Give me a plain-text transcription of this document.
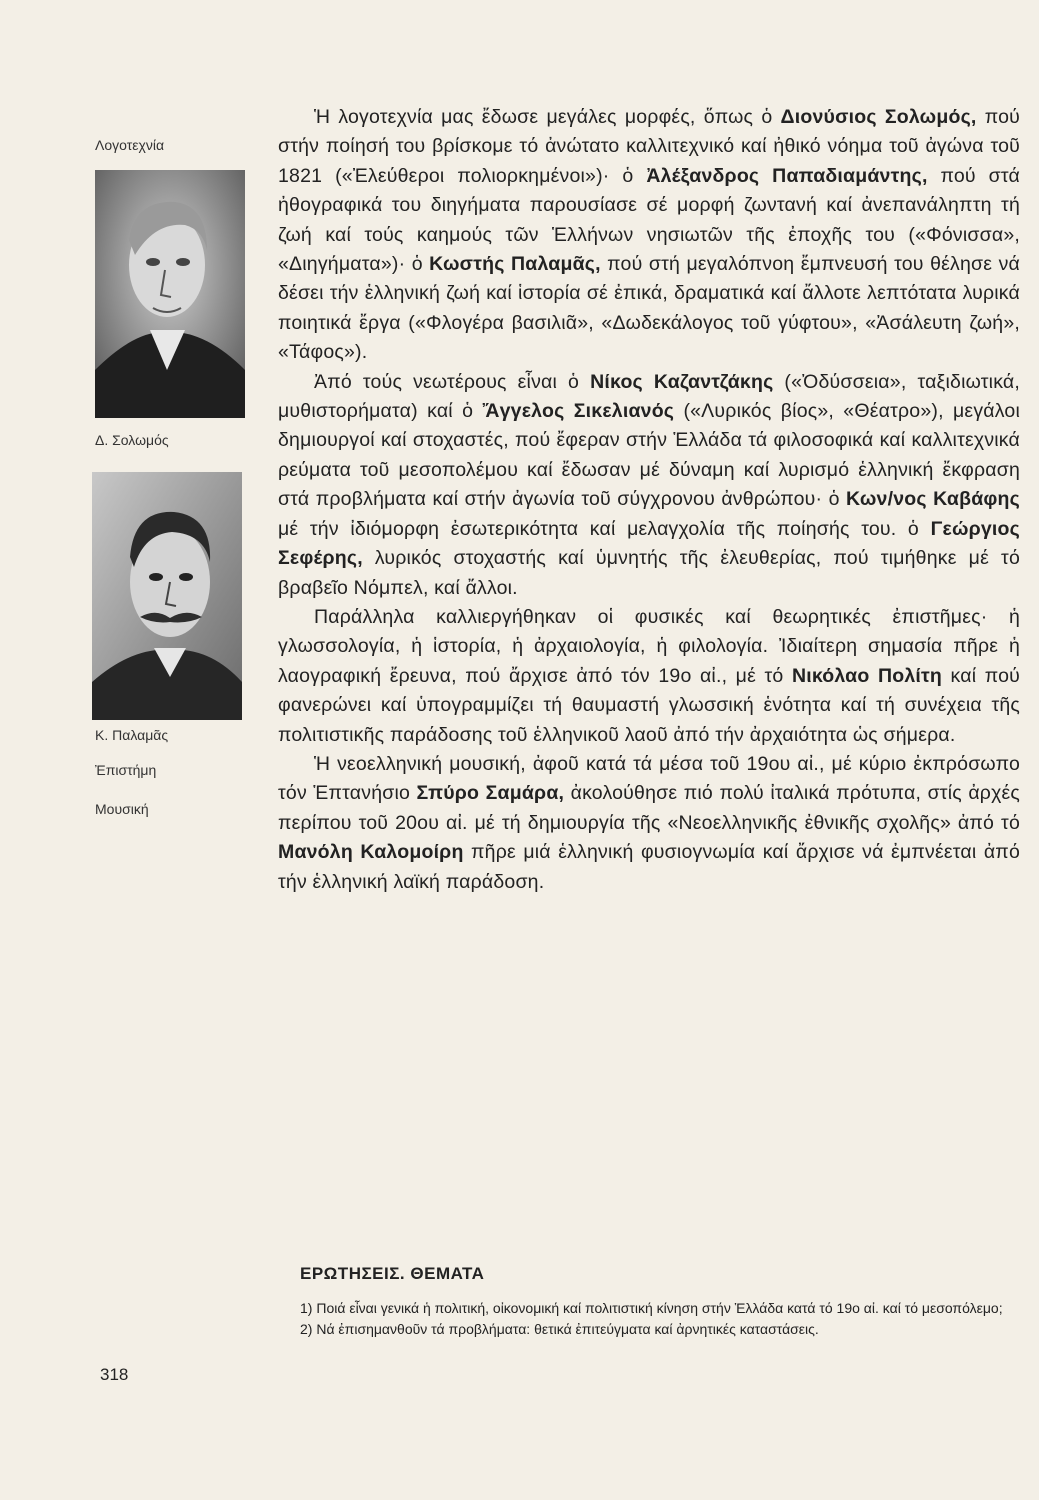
Λογοτεχνία
Δ. Σολωμός
Κ. Παλαμᾶς
Ἐπιστήμη
Μουσική

Ἡ λογοτεχνία μας ἔδωσε μεγάλες μορφές, ὅπως ὁ Διονύσιος Σολωμός, πού στήν ποίησή του βρίσκομε τό ἀνώτατο καλλιτεχνικό καί ἠθικό νόημα τοῦ ἀγώνα τοῦ 1821 («Ἐλεύθεροι πολιορκημένοι»)· ὁ Ἀλέξανδρος Παπαδιαμάντης, πού στά ἠθογραφικά του διηγήματα παρουσίασε σέ μορφή ζωντανή καί ἀνεπανάληπτη τή ζωή καί τούς καημούς τῶν Ἑλλήνων νησιωτῶν τῆς ἐποχῆς του («Φόνισσα», «Διηγήματα»)· ὁ Κωστής Παλαμᾶς, πού στή μεγαλόπνοη ἔμπνευσή του θέλησε νά δέσει τήν ἑλληνική ζωή καί ἱστορία σέ ἐπικά, δραματικά καί ἄλλοτε λεπτότατα λυρικά ποιητικά ἔργα («Φλογέρα βασιλιᾶ», «Δωδεκάλογος τοῦ γύφτου», «Ἀσάλευτη ζωή», «Τάφος»).

Ἀπό τούς νεωτέρους εἶναι ὁ Νίκος Καζαντζάκης («Ὀδύσσεια», ταξιδιωτικά, μυθιστορήματα) καί ὁ Ἄγγελος Σικελιανός («Λυρικός βίος», «Θέατρο»), μεγάλοι δημιουργοί καί στοχαστές, πού ἔφεραν στήν Ἑλλάδα τά φιλοσοφικά καί καλλιτεχνικά ρεύματα τοῦ μεσοπολέμου καί ἔδωσαν μέ δύναμη καί λυρισμό ἑλληνική ἔκφραση στά προβλήματα καί στήν ἀγωνία τοῦ σύγχρονου ἀνθρώπου· ὁ Κων/νος Καβάφης μέ τήν ἰδιόμορφη ἐσωτερικότητα καί μελαγχολία τῆς ποίησής του. ὁ Γεώργιος Σεφέρης, λυρικός στοχαστής καί ὑμνητής τῆς ἐλευθερίας, πού τιμήθηκε μέ τό βραβεῖο Νόμπελ, καί ἄλλοι.

Παράλληλα καλλιεργήθηκαν οἱ φυσικές καί θεωρητικές ἐπιστῆμες· ἡ γλωσσολογία, ἡ ἱστορία, ἡ ἀρχαιολογία, ἡ φιλολογία. Ἰδιαίτερη σημασία πῆρε ἡ λαογραφική ἔρευνα, πού ἄρχισε ἀπό τόν 19ο αἰ., μέ τό Νικόλαο Πολίτη καί πού φανερώνει καί ὑπογραμμίζει τή θαυμαστή γλωσσική ἑνότητα καί τή συνέχεια τῆς πολιτιστικῆς παράδοσης τοῦ ἑλληνικοῦ λαοῦ ἀπό τήν ἀρχαιότητα ὡς σήμερα.

Ἡ νεοελληνική μουσική, ἀφοῦ κατά τά μέσα τοῦ 19ου αἰ., μέ κύριο ἐκπρόσωπο τόν Ἑπτανήσιο Σπύρο Σαμάρα, ἀκολούθησε πιό πολύ ἰταλικά πρότυπα, στίς ἀρχές περίπου τοῦ 20ου αἰ. μέ τή δημιουργία τῆς «Νεοελληνικῆς ἐθνικῆς σχολῆς» ἀπό τό Μανόλη Καλομοίρη πῆρε μιά ἑλληνική φυσιογνωμία καί ἄρχισε νά ἐμπνέεται ἀπό τήν ἑλληνική λαϊκή παράδοση.

ΕΡΩΤΗΣΕΙΣ. ΘΕΜΑΤΑ
1) Ποιά εἶναι γενικά ἡ πολιτική, οἰκονομική καί πολιτιστική κίνηση στήν Ἑλλάδα κατά τό 19ο αἰ. καί τό μεσοπόλεμο;
2) Νά ἐπισημανθοῦν τά προβλήματα: θετικά ἐπιτεύγματα καί ἀρνητικές καταστάσεις.
318
